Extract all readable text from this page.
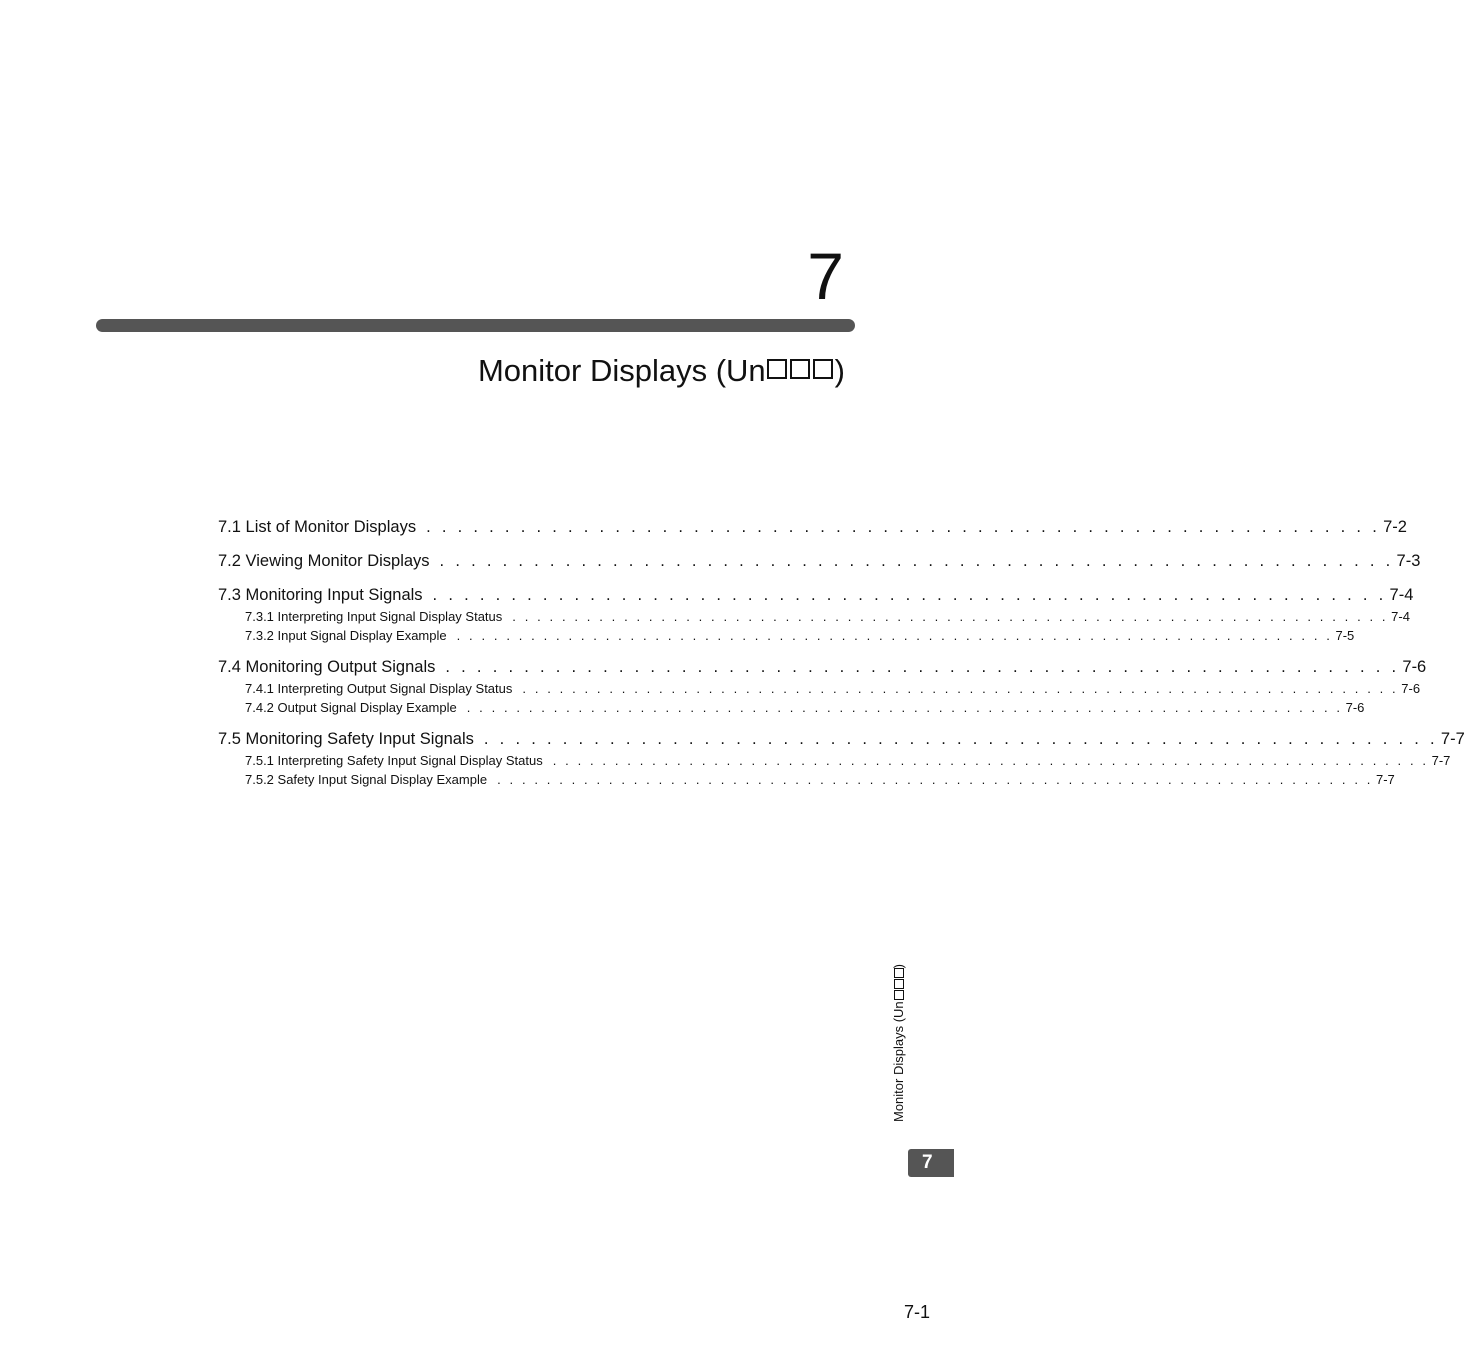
7
Monitor Displays (Un )
7.1 List of Monitor Displays . . . . . . . . . . . . . . . . . . . . . . . . . . . . . . . . . . . . . . . . . . . . . . . . . . . . . . . . . . . . . 7-2
7.2 Viewing Monitor Displays . . . . . . . . . . . . . . . . . . . . . . . . . . . . . . . . . . . . . . . . . . . . . . . . . . . . . . . . . . . . . 7-3
7.3 Monitoring Input Signals . . . . . . . . . . . . . . . . . . . . . . . . . . . . . . . . . . . . . . . . . . . . . . . . . . . . . . . . . . . . . 7-4
7.3.1 Interpreting Input Signal Display Status . . . . . . . . . . . . . . . . . . . . . . . . . . . . . . . . . . . . . . . . . . . . . . . . . . . . . . . . . . . . . . . . . . . . . . . 7-4
7.3.2 Input Signal Display Example . . . . . . . . . . . . . . . . . . . . . . . . . . . . . . . . . . . . . . . . . . . . . . . . . . . . . . . . . . . . . . . . . . . . . . . 7-5
7.4 Monitoring Output Signals . . . . . . . . . . . . . . . . . . . . . . . . . . . . . . . . . . . . . . . . . . . . . . . . . . . . . . . . . . . . . 7-6
7.4.1 Interpreting Output Signal Display Status . . . . . . . . . . . . . . . . . . . . . . . . . . . . . . . . . . . . . . . . . . . . . . . . . . . . . . . . . . . . . . . . . . . . . . . 7-6
7.4.2 Output Signal Display Example . . . . . . . . . . . . . . . . . . . . . . . . . . . . . . . . . . . . . . . . . . . . . . . . . . . . . . . . . . . . . . . . . . . . . . . 7-6
7.5 Monitoring Safety Input Signals . . . . . . . . . . . . . . . . . . . . . . . . . . . . . . . . . . . . . . . . . . . . . . . . . . . . . . . . . . . . . 7-7
7.5.1 Interpreting Safety Input Signal Display Status . . . . . . . . . . . . . . . . . . . . . . . . . . . . . . . . . . . . . . . . . . . . . . . . . . . . . . . . . . . . . . . . . . . . . . . 7-7
7.5.2 Safety Input Signal Display Example . . . . . . . . . . . . . . . . . . . . . . . . . . . . . . . . . . . . . . . . . . . . . . . . . . . . . . . . . . . . . . . . . . . . . . . 7-7
Monitor Displays (Un
)
7
7-1
